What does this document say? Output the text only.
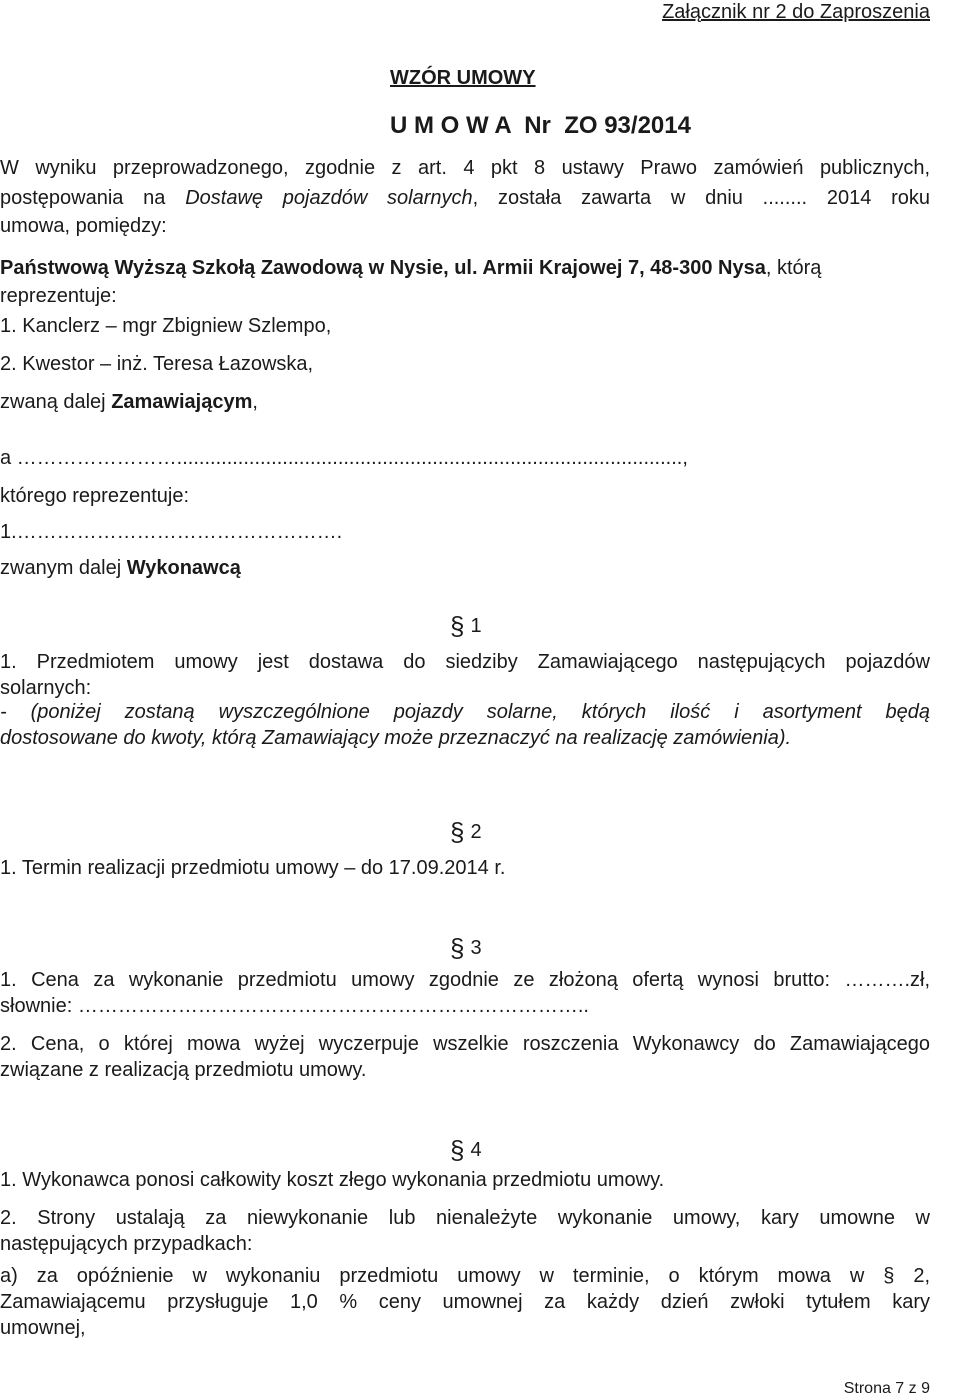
Załącznik nr 2 do Zaproszenia
WZÓR UMOWY
U M O W A  Nr  ZO 93/2014
W wyniku przeprowadzonego, zgodnie z art. 4 pkt 8 ustawy Prawo zamówień publicznych,
postępowania na Dostawę pojazdów solarnych, została zawarta w dniu ........ 2014 roku
umowa, pomiędzy:
Państwową Wyższą Szkołą Zawodową w Nysie, ul. Armii Krajowej 7, 48-300 Nysa, którą
reprezentuje:
1. Kanclerz – mgr Zbigniew Szlempo,
2. Kwestor – inż. Teresa Łazowska,
zwaną dalej Zamawiającym,
a ……………………...........................................................................................,
którego reprezentuje:
1.………………………………………….
zwanym dalej Wykonawcą
§ 1
1. Przedmiotem umowy jest dostawa do siedziby Zamawiającego następujących pojazdów
solarnych:
- (poniżej zostaną wyszczególnione pojazdy solarne, których ilość i asortyment będą
dostosowane do kwoty, którą Zamawiający może przeznaczyć na realizację zamówienia).
§ 2
1. Termin realizacji przedmiotu umowy – do 17.09.2014 r.
§ 3
1. Cena za wykonanie przedmiotu umowy zgodnie ze złożoną ofertą wynosi brutto: ……….zł,
słownie: …………………………………………………………………..
2. Cena, o której mowa wyżej wyczerpuje wszelkie roszczenia Wykonawcy do Zamawiającego
związane z realizacją przedmiotu umowy.
§ 4
1. Wykonawca ponosi całkowity koszt złego wykonania przedmiotu umowy.
2. Strony ustalają za niewykonanie lub nienależyte wykonanie umowy, kary umowne w
następujących przypadkach:
a) za opóźnienie w wykonaniu przedmiotu umowy w terminie, o którym mowa w § 2,
Zamawiającemu przysługuje 1,0 % ceny umownej za każdy dzień zwłoki tytułem kary
umownej,
Strona 7 z 9
